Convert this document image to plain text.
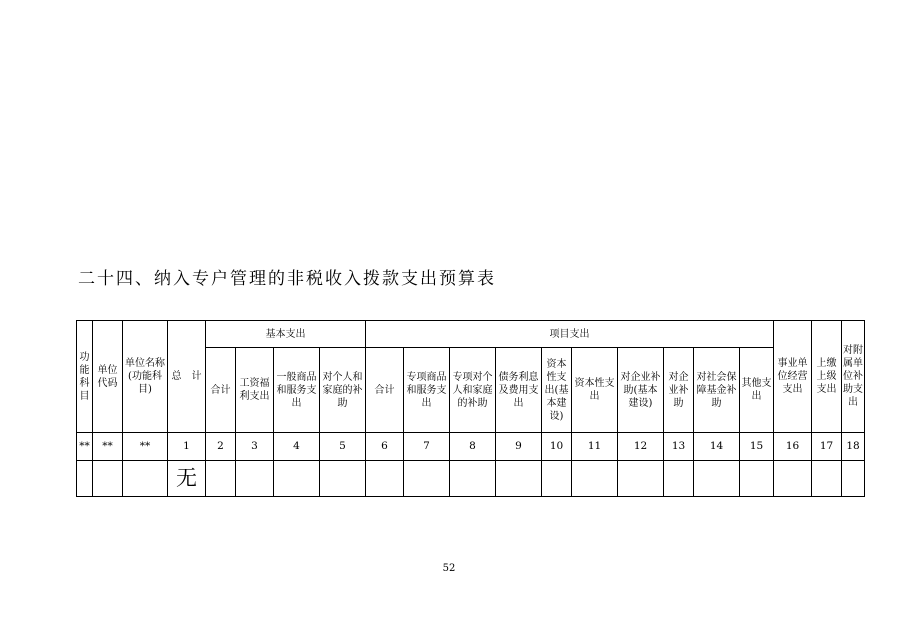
二十四、纳入专户管理的非税收入拨款支出预算表
功能科目	单位代码	单位名称(功能科目)	总　计	基本支出				项目支出										事业单位经营支出	上缴上级支出	对附属单位补助支出
				合计	工资福利支出	一般商品和服务支出	对个人和家庭的补助	合计	专项商品和服务支出	专项对个人和家庭的补助	债务利息及费用支出	资本性支出(基本建设)	资本性支出	对企业补助(基本建设)	对企业补助	对社会保障基金补助	其他支出			
**	**	**	1	2	3	4	5	6	7	8	9	10	11	12	13	14	15	16	17	18
			无																	
52
